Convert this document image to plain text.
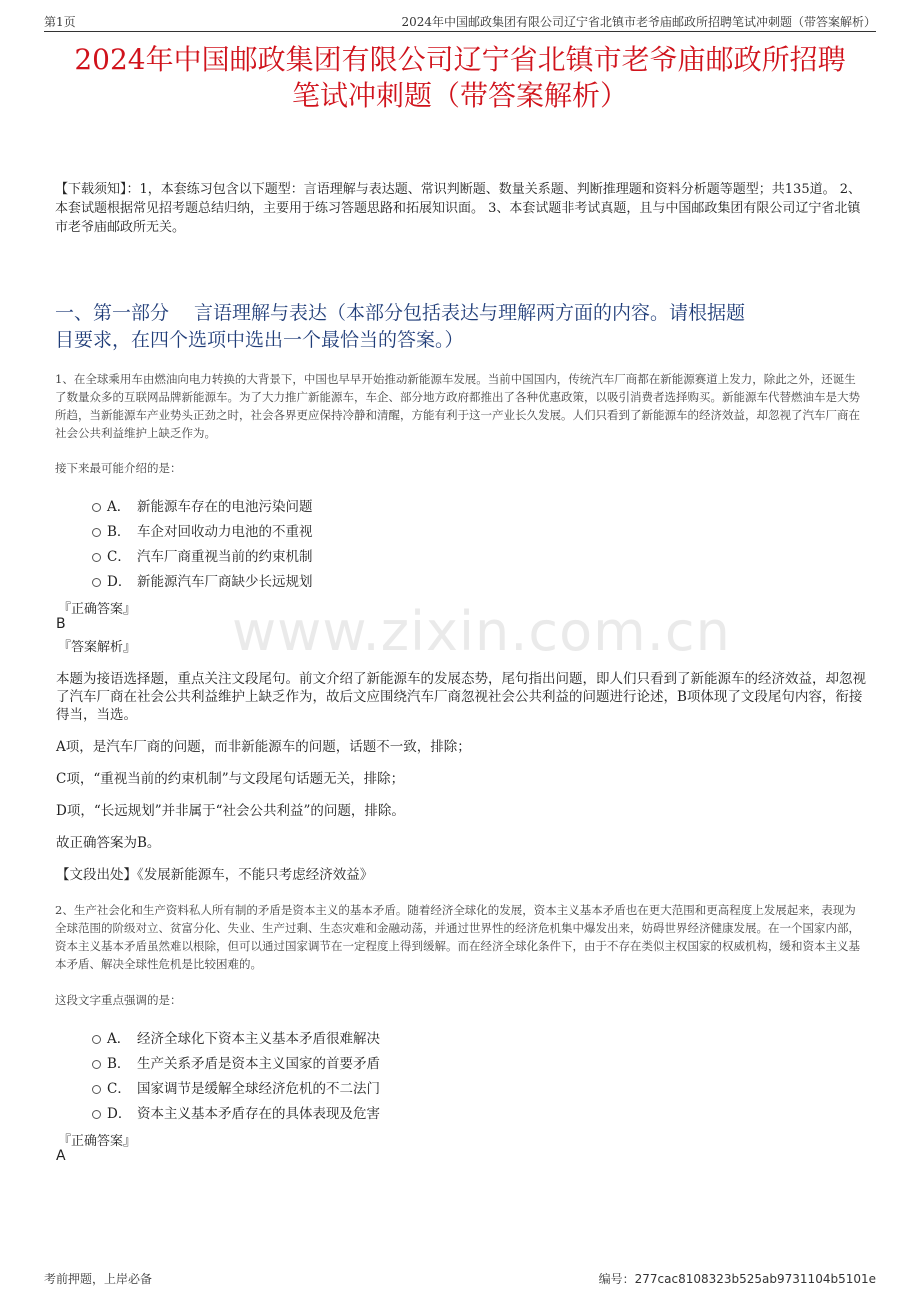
第1页	2024年中国邮政集团有限公司辽宁省北镇市老爷庙邮政所招聘笔试冲刺题（带答案解析）
2024年中国邮政集团有限公司辽宁省北镇市老爷庙邮政所招聘
笔试冲刺题（带答案解析）
【下载须知】：1，本套练习包含以下题型：言语理解与表达题、常识判断题、数量关系题、判断推理题和资料分析题等题型；共135道。 2、本套试题根据常见招考题总结归纳，主要用于练习答题思路和拓展知识面。 3、本套试题非考试真题，且与中国邮政集团有限公司辽宁省北镇市老爷庙邮政所无关。
一、第一部分　 言语理解与表达（本部分包括表达与理解两方面的内容。请根据题
目要求，在四个选项中选出一个最恰当的答案。）
1、在全球乘用车由燃油向电力转换的大背景下，中国也早早开始推动新能源车发展。当前中国国内，传统汽车厂商都在新能源赛道上发力，除此之外，还诞生了数量众多的互联网品牌新能源车。为了大力推广新能源车，车企、部分地方政府都推出了各种优惠政策，以吸引消费者选择购买。新能源车代替燃油车是大势所趋，当新能源车产业势头正劲之时，社会各界更应保持冷静和清醒，方能有利于这一产业长久发展。人们只看到了新能源车的经济效益，却忽视了汽车厂商在社会公共利益维护上缺乏作为。
接下来最可能介绍的是：
A． 新能源车存在的电池污染问题
B． 车企对回收动力电池的不重视
C． 汽车厂商重视当前的约束机制
D． 新能源汽车厂商缺少长远规划
『正确答案』
B
『答案解析』
本题为接语选择题，重点关注文段尾句。前文介绍了新能源车的发展态势，尾句指出问题，即人们只看到了新能源车的经济效益，却忽视了汽车厂商在社会公共利益维护上缺乏作为，故后文应围绕汽车厂商忽视社会公共利益的问题进行论述，B项体现了文段尾句内容，衔接得当，当选。
A项，是汽车厂商的问题，而非新能源车的问题，话题不一致，排除；
C项，“重视当前的约束机制”与文段尾句话题无关，排除；
D项，“长远规划”并非属于“社会公共利益”的问题，排除。
故正确答案为B。
【文段出处】《发展新能源车，不能只考虑经济效益》
2、生产社会化和生产资料私人所有制的矛盾是资本主义的基本矛盾。随着经济全球化的发展，资本主义基本矛盾也在更大范围和更高程度上发展起来，表现为全球范围的阶级对立、贫富分化、失业、生产过剩、生态灾难和金融动荡，并通过世界性的经济危机集中爆发出来，妨碍世界经济健康发展。在一个国家内部，资本主义基本矛盾虽然难以根除，但可以通过国家调节在一定程度上得到缓解。而在经济全球化条件下，由于不存在类似主权国家的权威机构，缓和资本主义基本矛盾、解决全球性危机是比较困难的。
这段文字重点强调的是：
A． 经济全球化下资本主义基本矛盾很难解决
B． 生产关系矛盾是资本主义国家的首要矛盾
C． 国家调节是缓解全球经济危机的不二法门
D． 资本主义基本矛盾存在的具体表现及危害
『正确答案』
A
www.zixin.com.cn
考前押题，上岸必备	编号：277cac8108323b525ab9731104b5101e
